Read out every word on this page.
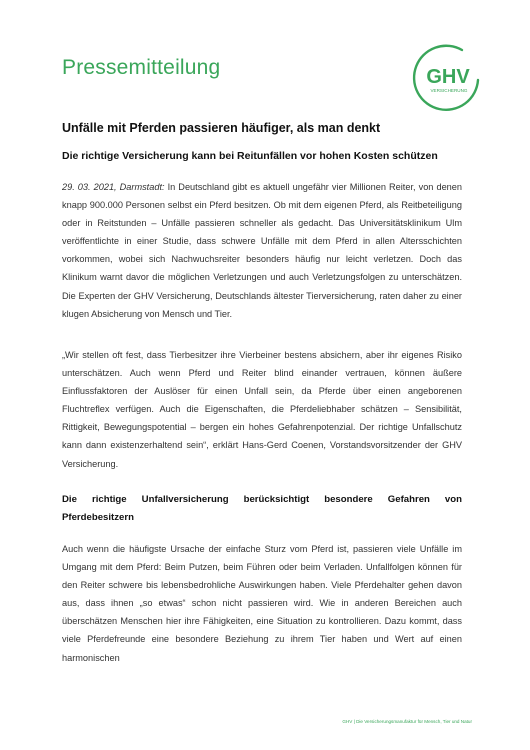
Pressemitteilung	GHV
VERSICHERUNG
Unfälle mit Pferden passieren häufiger, als man denkt
Die richtige Versicherung kann bei Reitunfällen vor hohen Kosten schützen

29. 03. 2021, Darmstadt: In Deutschland gibt es aktuell ungefähr vier Millionen Reiter, von denen knapp 900.000 Personen selbst ein Pferd besitzen. Ob mit dem eigenen Pferd, als Reitbeteiligung oder in Reitstunden – Unfälle passieren schneller als gedacht. Das Universitätsklinikum Ulm veröffentlichte in einer Studie, dass schwere Unfälle mit dem Pferd in allen Altersschichten vorkommen, wobei sich Nachwuchsreiter besonders häufig nur leicht verletzen. Doch das Klinikum warnt davor die möglichen Verletzungen und auch Verletzungsfolgen zu unterschätzen. Die Experten der GHV Versicherung, Deutschlands ältester Tierversicherung, raten daher zu einer klugen Absicherung von Mensch und Tier.

„Wir stellen oft fest, dass Tierbesitzer ihre Vierbeiner bestens absichern, aber ihr eigenes Risiko unterschätzen. Auch wenn Pferd und Reiter blind einander vertrauen, können äußere Einflussfaktoren der Auslöser für einen Unfall sein, da Pferde über einen angeborenen Fluchtreflex verfügen. Auch die Eigenschaften, die Pferdeliebhaber schätzen – Sensibilität, Rittigkeit, Bewegungspotential – bergen ein hohes Gefahrenpotenzial. Der richtige Unfallschutz kann dann existenzerhaltend sein“, erklärt Hans-Gerd Coenen, Vorstandsvorsitzender der GHV Versicherung.

Die richtige Unfallversicherung berücksichtigt besondere Gefahren von Pferdebesitzern

Auch wenn die häufigste Ursache der einfache Sturz vom Pferd ist, passieren viele Unfälle im Umgang mit dem Pferd: Beim Putzen, beim Führen oder beim Verladen. Unfallfolgen können für den Reiter schwere bis lebensbedrohliche Auswirkungen haben. Viele Pferdehalter gehen davon aus, dass ihnen „so etwas“ schon nicht passieren wird. Wie in anderen Bereichen auch überschätzen Menschen hier ihre Fähigkeiten, eine Situation zu kontrollieren. Dazu kommt, dass viele Pferdefreunde eine besondere Beziehung zu ihrem Tier haben und Wert auf einen harmonischen

GHV | Die Versicherungsmanufaktur für Mensch, Tier und Natur
